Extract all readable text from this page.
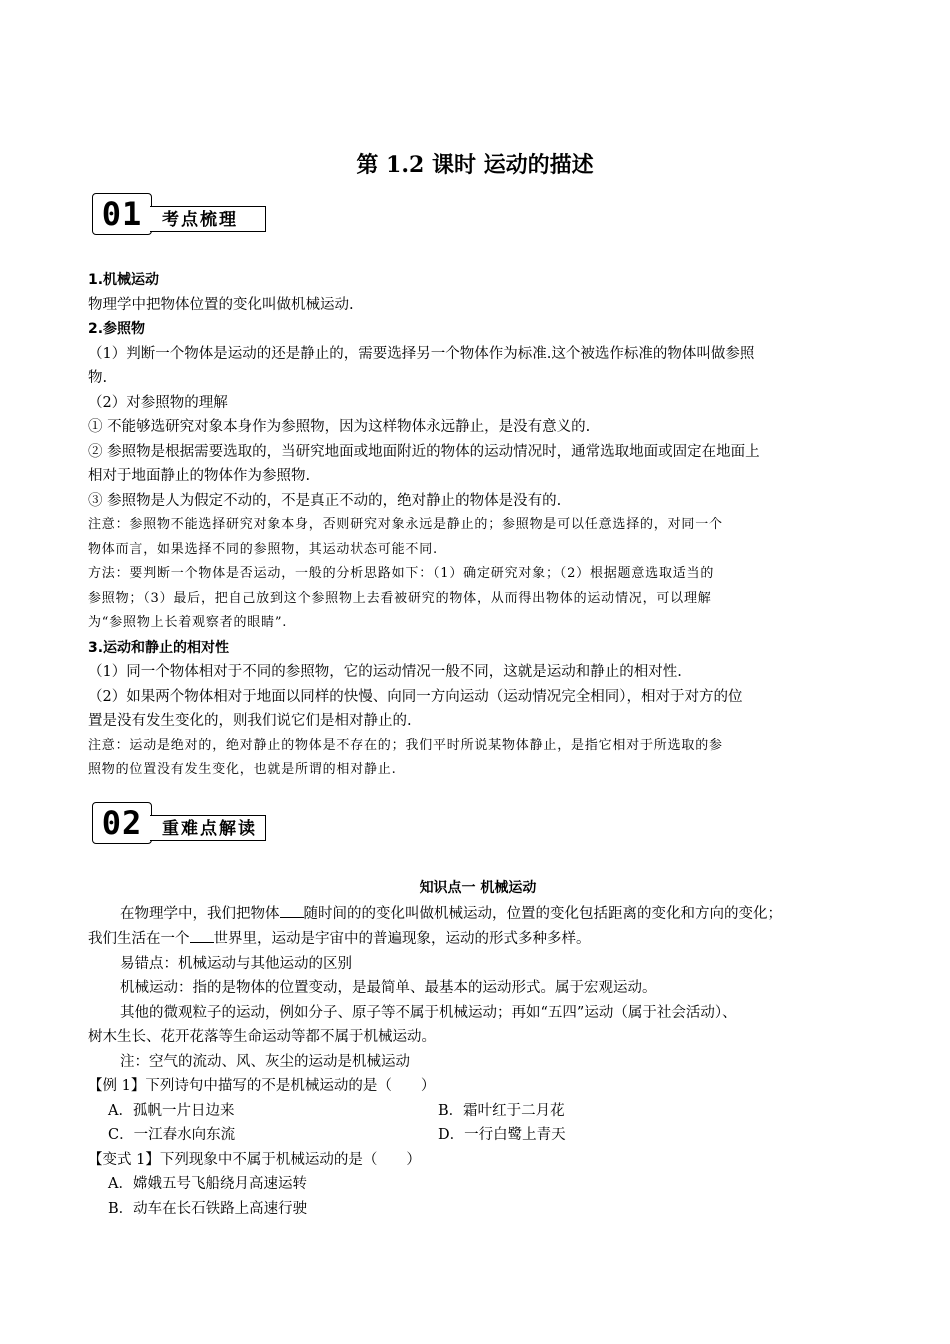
第 1.2 课时 运动的描述
01	考点梳理

1.机械运动

物理学中把物体位置的变化叫做机械运动.

2.参照物

（1）判断一个物体是运动的还是静止的，需要选择另一个物体作为标准.这个被选作标准的物体叫做参照

物.

（2）对参照物的理解

① 不能够选研究对象本身作为参照物，因为这样物体永远静止，是没有意义的.

② 参照物是根据需要选取的，当研究地面或地面附近的物体的运动情况时，通常选取地面或固定在地面上

相对于地面静止的物体作为参照物.

③ 参照物是人为假定不动的，不是真正不动的，绝对静止的物体是没有的.

注意：参照物不能选择研究对象本身，否则研究对象永远是静止的；参照物是可以任意选择的，对同一个

物体而言，如果选择不同的参照物，其运动状态可能不同.

方法：要判断一个物体是否运动，一般的分析思路如下：（1）确定研究对象；（2）根据题意选取适当的

参照物；（3）最后，把自己放到这个参照物上去看被研究的物体，从而得出物体的运动情况，可以理解

为“参照物上长着观察者的眼睛”.

3.运动和静止的相对性

（1）同一个物体相对于不同的参照物，它的运动情况一般不同，这就是运动和静止的相对性.

（2）如果两个物体相对于地面以同样的快慢、向同一方向运动（运动情况完全相同），相对于对方的位

置是没有发生变化的，则我们说它们是相对静止的.

注意：运动是绝对的，绝对静止的物体是不存在的；我们平时所说某物体静止，是指它相对于所选取的参

照物的位置没有发生变化，也就是所谓的相对静止.

02	重难点解读

知识点一 机械运动

在物理学中，我们把物体 随时间的的变化叫做机械运动，位置的变化包括距离的变化和方向的变化；

我们生活在一个 世界里，运动是宇宙中的普遍现象，运动的形式多种多样。

易错点：机械运动与其他运动的区别

机械运动：指的是物体的位置变动，是最简单、最基本的运动形式。属于宏观运动。

其他的微观粒子的运动，例如分子、原子等不属于机械运动；再如“五四”运动（属于社会活动）、

树木生长、花开花落等生命运动等都不属于机械运动。

注：空气的流动、风、灰尘的运动是机械运动

【例 1】下列诗句中描写的不是机械运动的是（　　）

A．孤帆一片日边来	B．霜叶红于二月花
C．一江春水向东流	D．一行白鹭上青天

【变式 1】下列现象中不属于机械运动的是（　　）

A．嫦娥五号飞船绕月高速运转
B．动车在长石铁路上高速行驶
